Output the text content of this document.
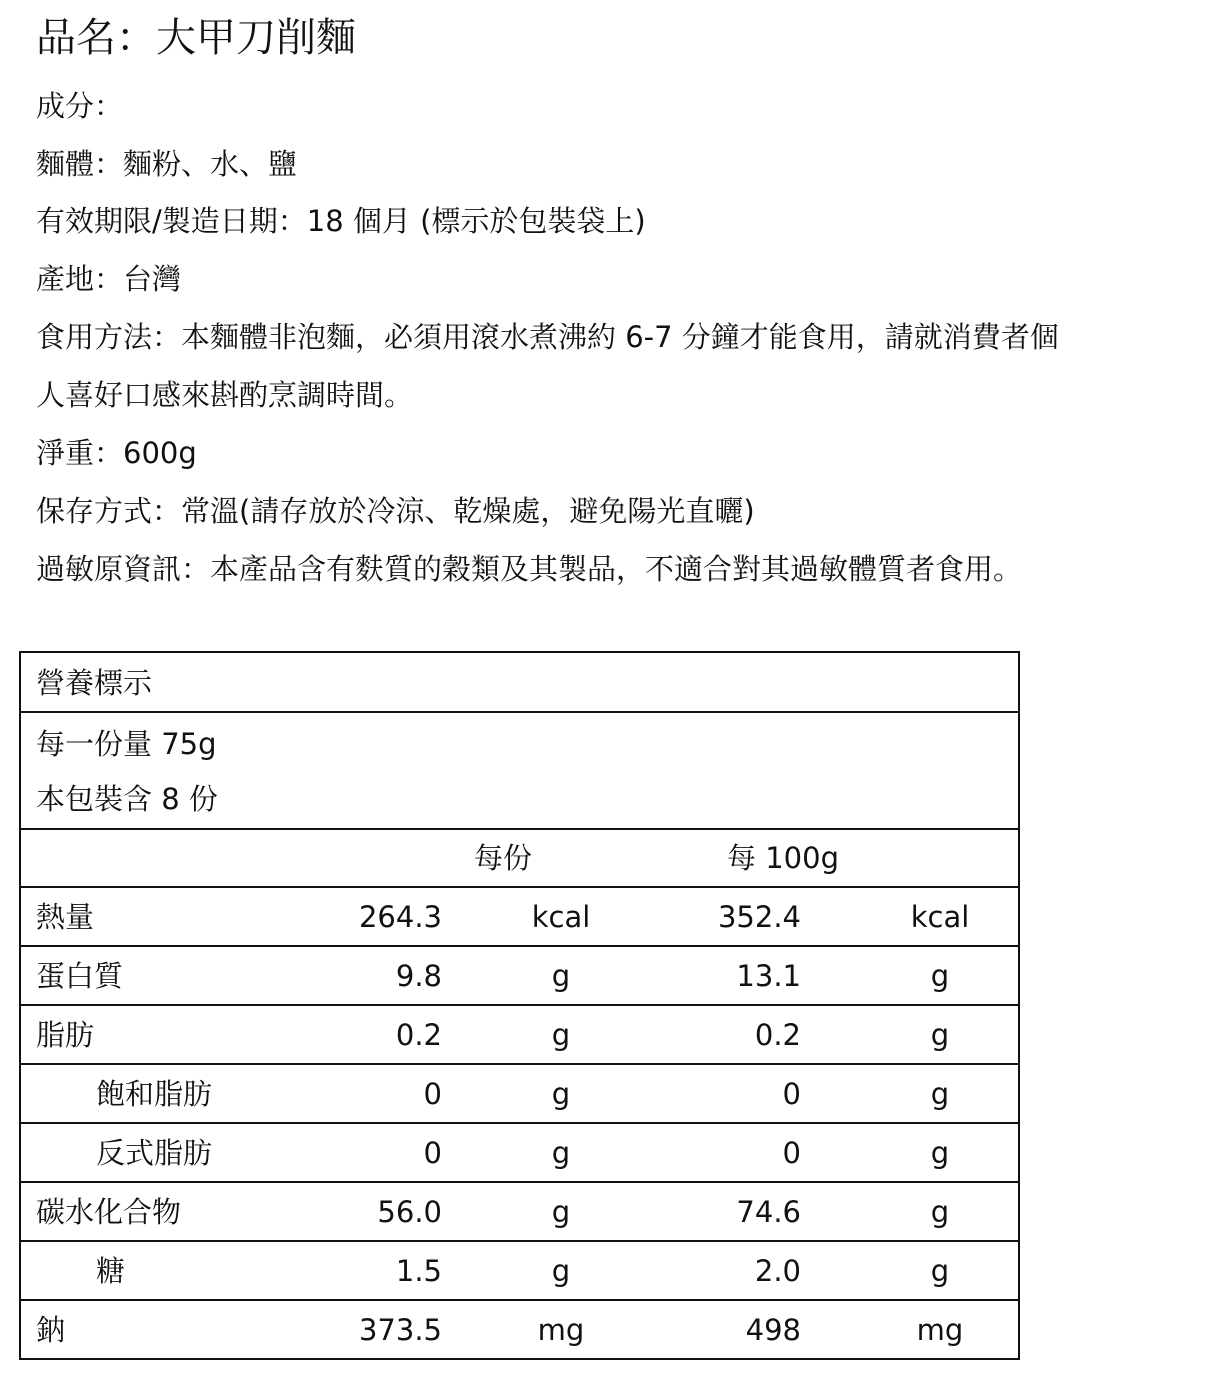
品名：大甲刀削麵
成分：
麵體：麵粉、水、鹽
有效期限/製造日期：18 個月 (標示於包裝袋上)
產地：台灣
食用方法：本麵體非泡麵，必須用滾水煮沸約 6-7 分鐘才能食用，請就消費者個
人喜好口感來斟酌烹調時間。
淨重：600g
保存方式：常溫(請存放於冷涼、乾燥處，避免陽光直曬)
過敏原資訊：本產品含有麩質的穀類及其製品，不適合對其過敏體質者食用。
營養標示
每一份量 75g
本包裝含 8 份
每份	每 100g
熱量	264.3	kcal	352.4	kcal
蛋白質	9.8	g	13.1	g
脂肪	0.2	g	0.2	g
飽和脂肪	0	g	0	g
反式脂肪	0	g	0	g
碳水化合物	56.0	g	74.6	g
糖	1.5	g	2.0	g
鈉	373.5	mg	498	mg
